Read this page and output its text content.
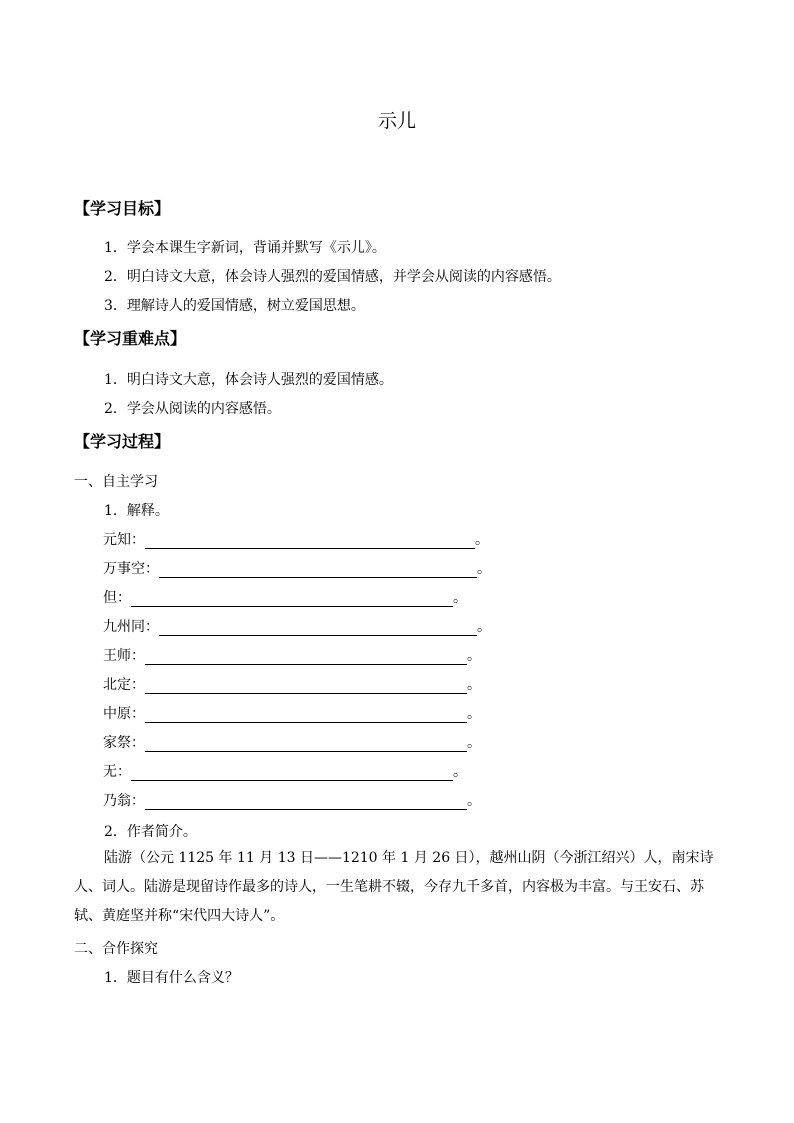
示儿
【学习目标】
1．学会本课生字新词，背诵并默写《示儿》。
2．明白诗文大意，体会诗人强烈的爱国情感，并学会从阅读的内容感悟。
3．理解诗人的爱国情感，树立爱国思想。
【学习重难点】
1．明白诗文大意，体会诗人强烈的爱国情感。
2．学会从阅读的内容感悟。
【学习过程】
一、自主学习
1．解释。
元知：	。
万事空：	。
但：	。
九州同：	。
王师：	。
北定：	。
中原：	。
家祭：	。
无：	。
乃翁：	。
2．作者简介。
陆游（公元 1125 年 11 月 13 日——1210 年 1 月 26 日），越州山阴（今浙江绍兴）人，南宋诗人、词人。陆游是现留诗作最多的诗人，一生笔耕不辍，今存九千多首，内容极为丰富。与王安石、苏轼、黄庭坚并称“宋代四大诗人”。
二、合作探究
1．题目有什么含义？
